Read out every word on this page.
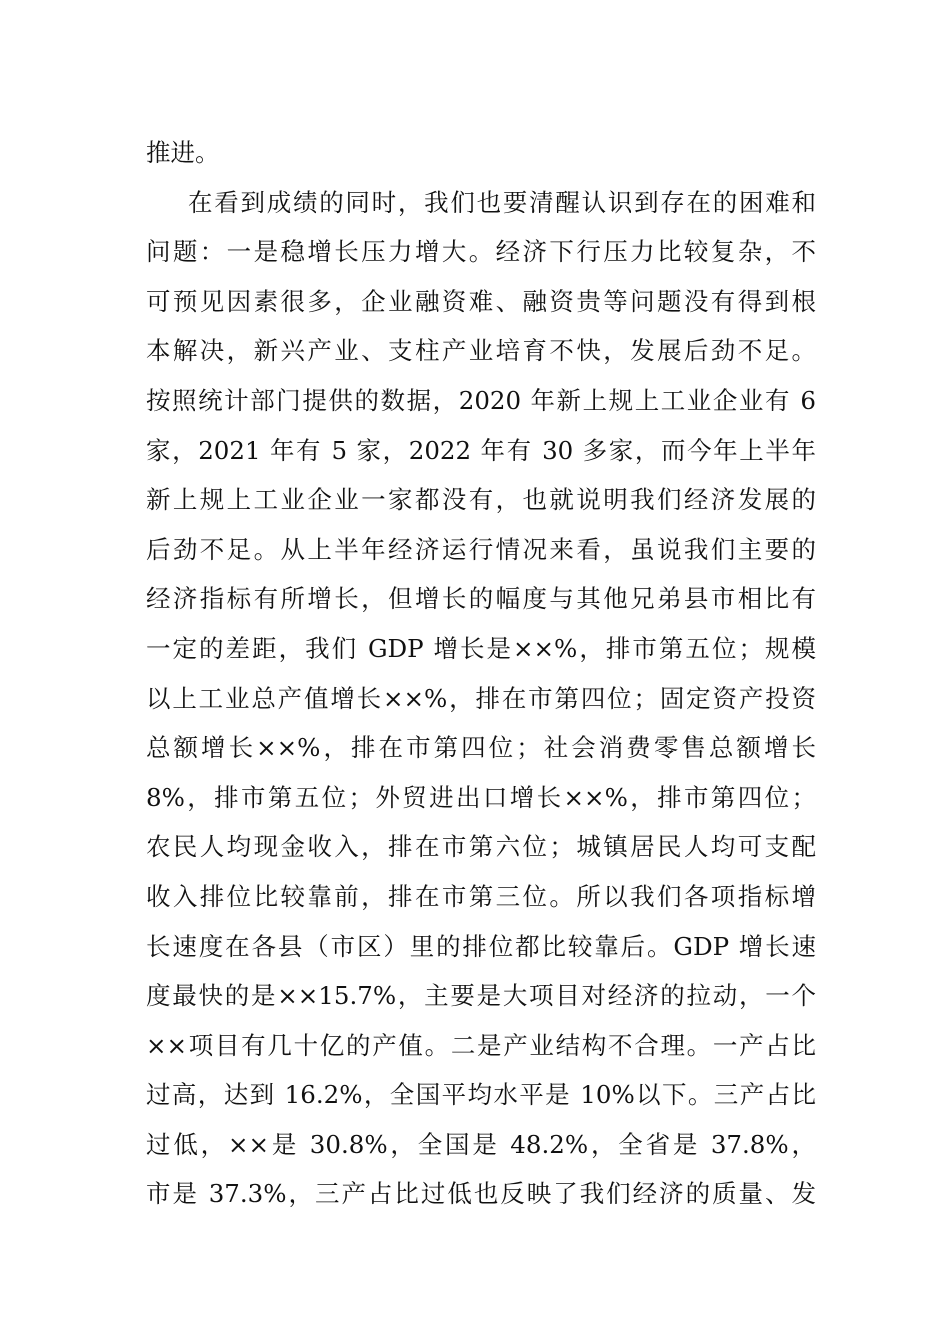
推进。
在看到成绩的同时，我们也要清醒认识到存在的困难和
问题：一是稳增长压力增大。经济下行压力比较复杂，不
可预见因素很多，企业融资难、融资贵等问题没有得到根
本解决，新兴产业、支柱产业培育不快，发展后劲不足。
按照统计部门提供的数据，2020 年新上规上工业企业有 6
家，2021 年有 5 家，2022 年有 30 多家，而今年上半年
新上规上工业企业一家都没有，也就说明我们经济发展的
后劲不足。从上半年经济运行情况来看，虽说我们主要的
经济指标有所增长，但增长的幅度与其他兄弟县市相比有
一定的差距，我们 GDP 增长是××%，排市第五位；规模
以上工业总产值增长××%，排在市第四位；固定资产投资
总额增长××%，排在市第四位；社会消费零售总额增长
8%，排市第五位；外贸进出口增长××%，排市第四位；
农民人均现金收入，排在市第六位；城镇居民人均可支配
收入排位比较靠前，排在市第三位。所以我们各项指标增
长速度在各县（市区）里的排位都比较靠后。GDP 增长速
度最快的是××15.7%，主要是大项目对经济的拉动，一个
××项目有几十亿的产值。二是产业结构不合理。一产占比
过高，达到 16.2%，全国平均水平是 10%以下。三产占比
过低，××是 30.8%，全国是 48.2%，全省是 37.8%，
市是 37.3%，三产占比过低也反映了我们经济的质量、发
